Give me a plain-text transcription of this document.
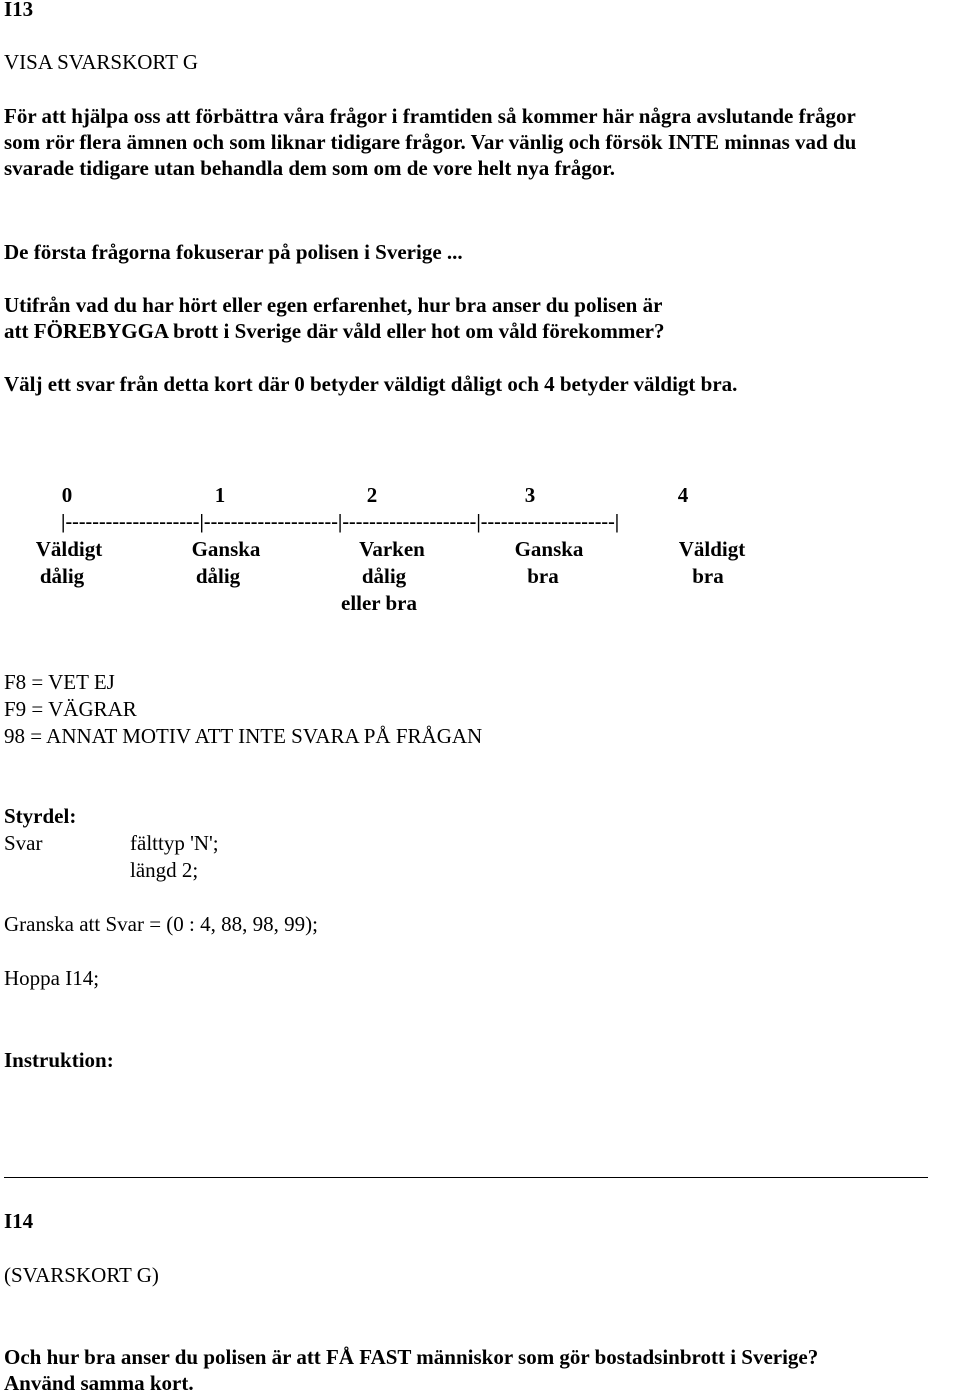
I13
VISA SVARSKORT G
För att hjälpa oss att förbättra våra frågor i framtiden så kommer här några avslutande frågor
som rör flera ämnen och som liknar tidigare frågor. Var vänlig och försök INTE minnas vad du
svarade tidigare utan behandla dem som om de vore helt nya frågor.
De första frågorna fokuserar på polisen i Sverige ...
Utifrån vad du har hört eller egen erfarenhet, hur bra anser du polisen är
att FÖREBYGGA brott i Sverige där våld eller hot om våld förekommer?
Välj ett svar från detta kort där 0 betyder väldigt dåligt och 4 betyder väldigt bra.
0	1	2	3	4
|--------------------|--------------------|--------------------|--------------------|
Väldigt	Ganska	Varken	Ganska	Väldigt
dålig	dålig	dålig	bra	bra
eller bra
F8 = VET EJ
F9 = VÄGRAR
98 = ANNAT MOTIV ATT INTE SVARA PÅ FRÅGAN
Styrdel:
Svar	fälttyp 'N';
längd 2;
Granska att Svar = (0 : 4, 88, 98, 99);
Hoppa I14;
Instruktion:
I14
(SVARSKORT G)
Och hur bra anser du polisen är att FÅ FAST människor som gör bostadsinbrott i Sverige?
Använd samma kort.
